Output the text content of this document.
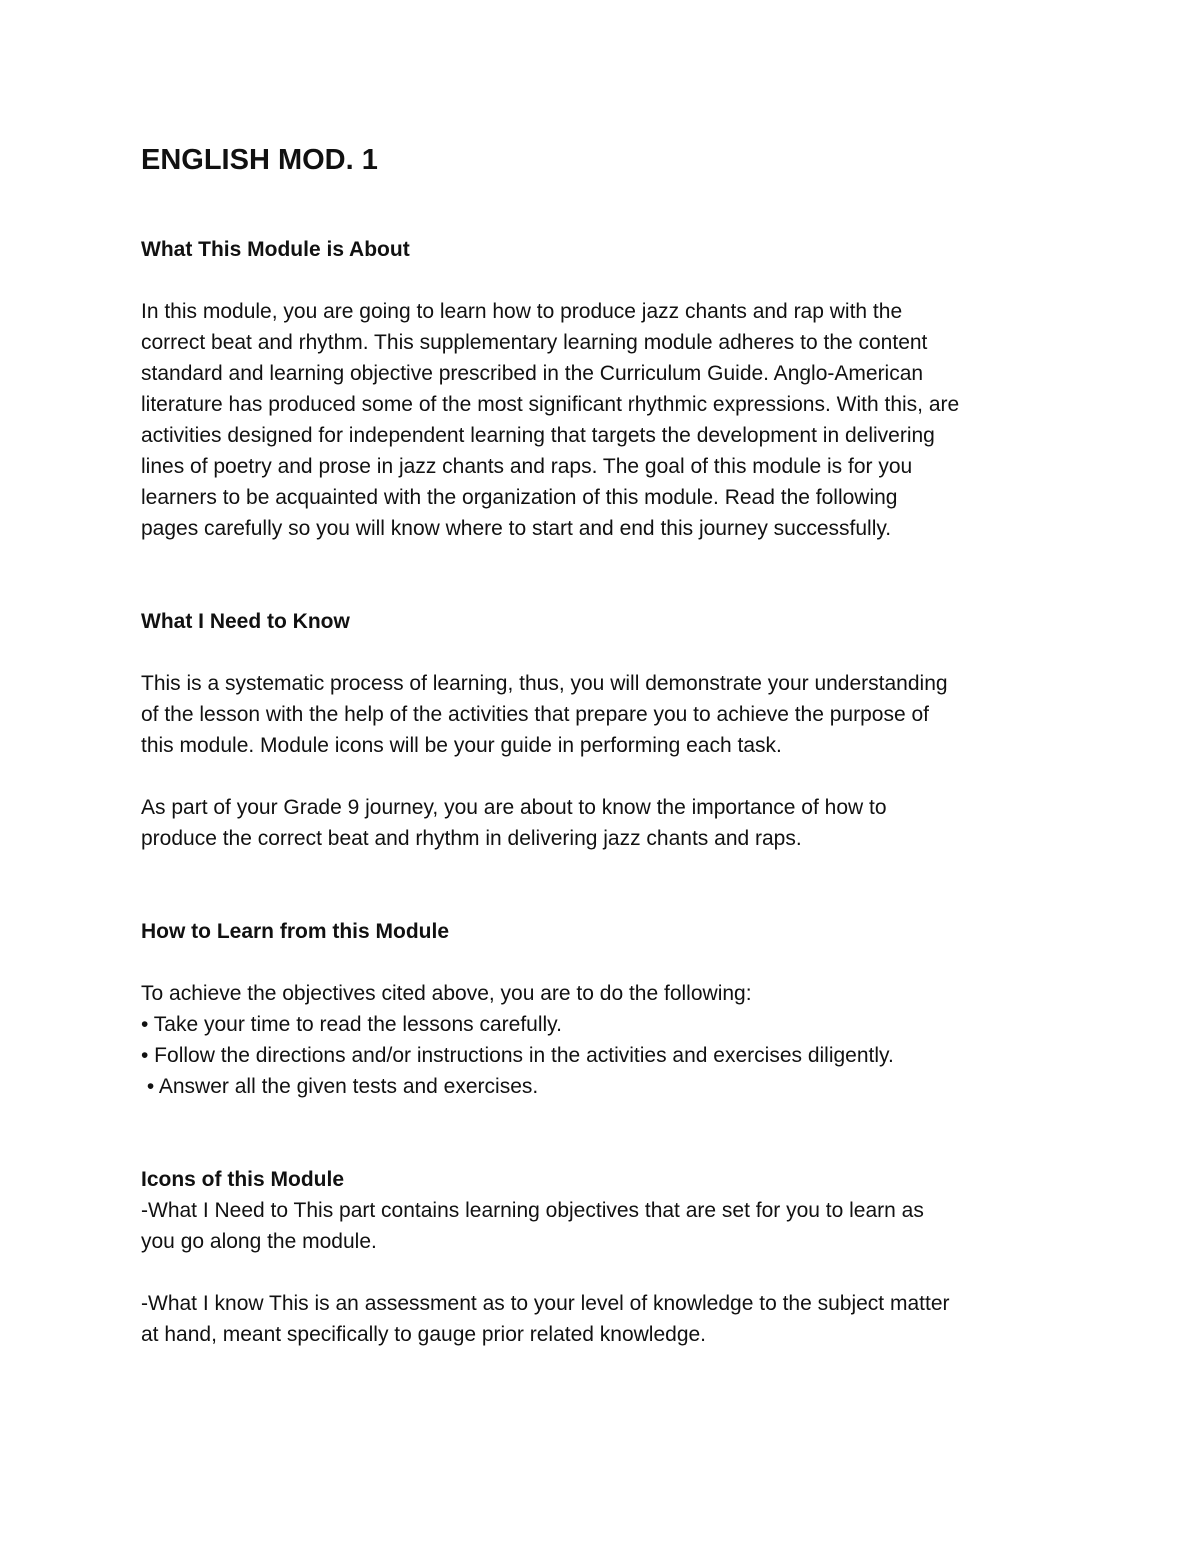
ENGLISH MOD. 1
What This Module is About

In this module, you are going to learn how to produce jazz chants and rap with the
correct beat and rhythm. This supplementary learning module adheres to the content
standard and learning objective prescribed in the Curriculum Guide. Anglo-American
literature has produced some of the most significant rhythmic expressions. With this, are
activities designed for independent learning that targets the development in delivering
lines of poetry and prose in jazz chants and raps. The goal of this module is for you
learners to be acquainted with the organization of this module. Read the following
pages carefully so you will know where to start and end this journey successfully.

What I Need to Know

This is a systematic process of learning, thus, you will demonstrate your understanding
of the lesson with the help of the activities that prepare you to achieve the purpose of
this module. Module icons will be your guide in performing each task.

As part of your Grade 9 journey, you are about to know the importance of how to
produce the correct beat and rhythm in delivering jazz chants and raps.

How to Learn from this Module

To achieve the objectives cited above, you are to do the following:
• Take your time to read the lessons carefully.
• Follow the directions and/or instructions in the activities and exercises diligently.
• Answer all the given tests and exercises.

Icons of this Module

-What I Need to This part contains learning objectives that are set for you to learn as
you go along the module.

-What I know This is an assessment as to your level of knowledge to the subject matter
at hand, meant specifically to gauge prior related knowledge.
